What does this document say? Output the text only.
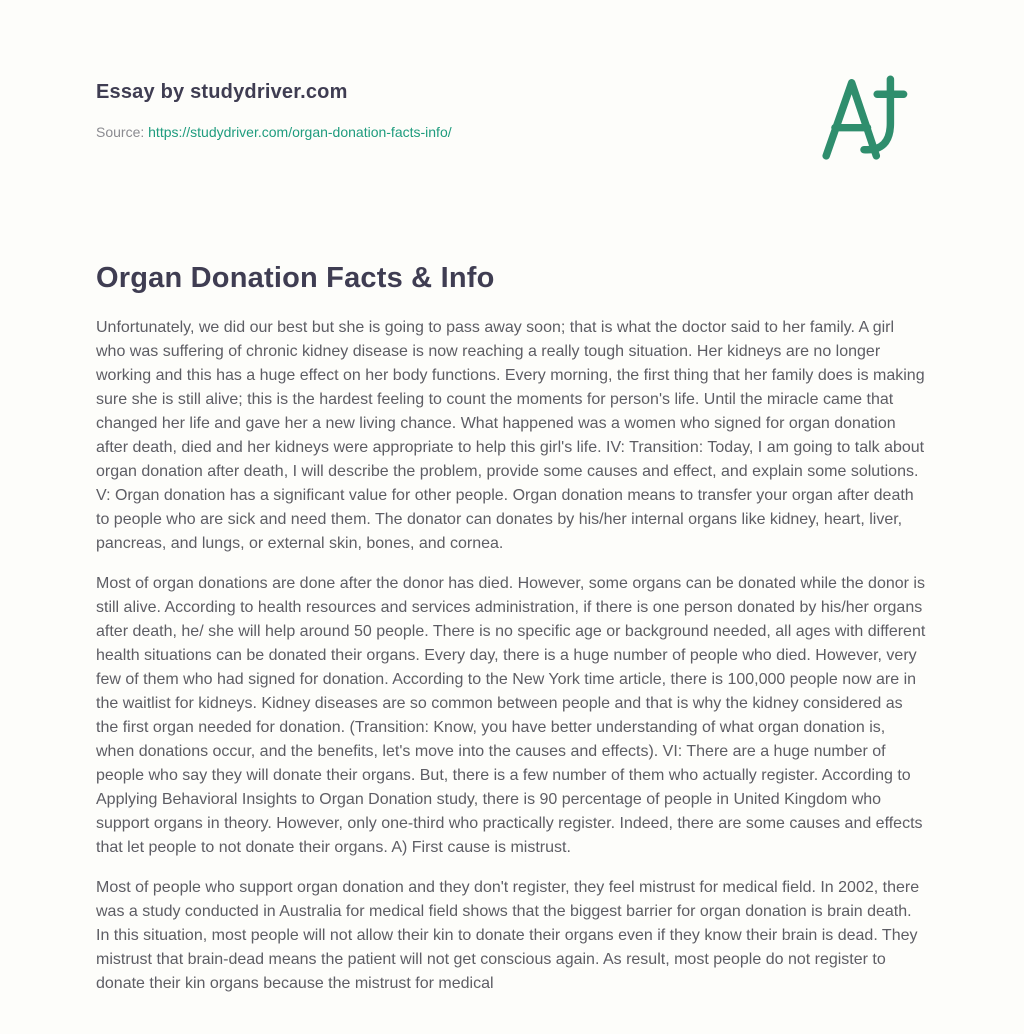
Essay by studydriver.com
Source: https://studydriver.com/organ-donation-facts-info/
Organ Donation Facts & Info

Unfortunately, we did our best but she is going to pass away soon; that is what the doctor said to her family. A girl who was suffering of chronic kidney disease is now reaching a really tough situation. Her kidneys are no longer working and this has a huge effect on her body functions. Every morning, the first thing that her family does is making sure she is still alive; this is the hardest feeling to count the moments for person's life. Until the miracle came that changed her life and gave her a new living chance. What happened was a women who signed for organ donation after death, died and her kidneys were appropriate to help this girl's life. IV: Transition: Today, I am going to talk about organ donation after death, I will describe the problem, provide some causes and effect, and explain some solutions. V: Organ donation has a significant value for other people. Organ donation means to transfer your organ after death to people who are sick and need them. The donator can donates by his/her internal organs like kidney, heart, liver, pancreas, and lungs, or external skin, bones, and cornea.

Most of organ donations are done after the donor has died. However, some organs can be donated while the donor is still alive. According to health resources and services administration, if there is one person donated by his/her organs after death, he/ she will help around 50 people. There is no specific age or background needed, all ages with different health situations can be donated their organs. Every day, there is a huge number of people who died. However, very few of them who had signed for donation. According to the New York time article, there is 100,000 people now are in the waitlist for kidneys. Kidney diseases are so common between people and that is why the kidney considered as the first organ needed for donation. (Transition: Know, you have better understanding of what organ donation is, when donations occur, and the benefits, let's move into the causes and effects). VI: There are a huge number of people who say they will donate their organs. But, there is a few number of them who actually register. According to Applying Behavioral Insights to Organ Donation study, there is 90 percentage of people in United Kingdom who support organs in theory. However, only one-third who practically register. Indeed, there are some causes and effects that let people to not donate their organs. A) First cause is mistrust.

Most of people who support organ donation and they don't register, they feel mistrust for medical field. In 2002, there was a study conducted in Australia for medical field shows that the biggest barrier for organ donation is brain death. In this situation, most people will not allow their kin to donate their organs even if they know their brain is dead. They mistrust that brain-dead means the patient will not get conscious again. As result, most people do not register to donate their kin organs because the mistrust for medical
